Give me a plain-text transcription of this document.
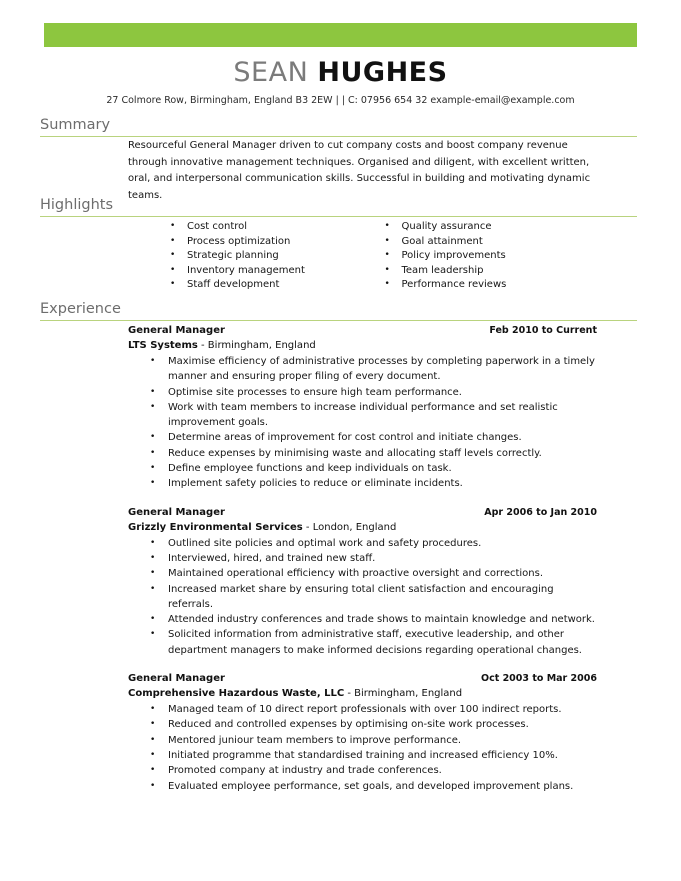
SEAN HUGHES
27 Colmore Row, Birmingham, England B3 2EW | | C: 07956 654 32 example-email@example.com
Summary
Resourceful General Manager driven to cut company costs and boost company revenue through innovative management techniques. Organised and diligent, with excellent written, oral, and interpersonal communication skills. Successful in building and motivating dynamic teams.
Highlights
• Cost control
• Process optimization
• Strategic planning
• Inventory management
• Staff development
• Quality assurance
• Goal attainment
• Policy improvements
• Team leadership
• Performance reviews
Experience
General Manager	Feb 2010 to Current
LTS Systems - Birmingham, England
• Maximise efficiency of administrative processes by completing paperwork in a timely manner and ensuring proper filing of every document.
• Optimise site processes to ensure high team performance.
• Work with team members to increase individual performance and set realistic improvement goals.
• Determine areas of improvement for cost control and initiate changes.
• Reduce expenses by minimising waste and allocating staff levels correctly.
• Define employee functions and keep individuals on task.
• Implement safety policies to reduce or eliminate incidents.
General Manager	Apr 2006 to Jan 2010
Grizzly Environmental Services - London, England
• Outlined site policies and optimal work and safety procedures.
• Interviewed, hired, and trained new staff.
• Maintained operational efficiency with proactive oversight and corrections.
• Increased market share by ensuring total client satisfaction and encouraging referrals.
• Attended industry conferences and trade shows to maintain knowledge and network.
• Solicited information from administrative staff, executive leadership, and other department managers to make informed decisions regarding operational changes.
General Manager	Oct 2003 to Mar 2006
Comprehensive Hazardous Waste, LLC - Birmingham, England
• Managed team of 10 direct report professionals with over 100 indirect reports.
• Reduced and controlled expenses by optimising on-site work processes.
• Mentored juniour team members to improve performance.
• Initiated programme that standardised training and increased efficiency 10%.
• Promoted company at industry and trade conferences.
• Evaluated employee performance, set goals, and developed improvement plans.
